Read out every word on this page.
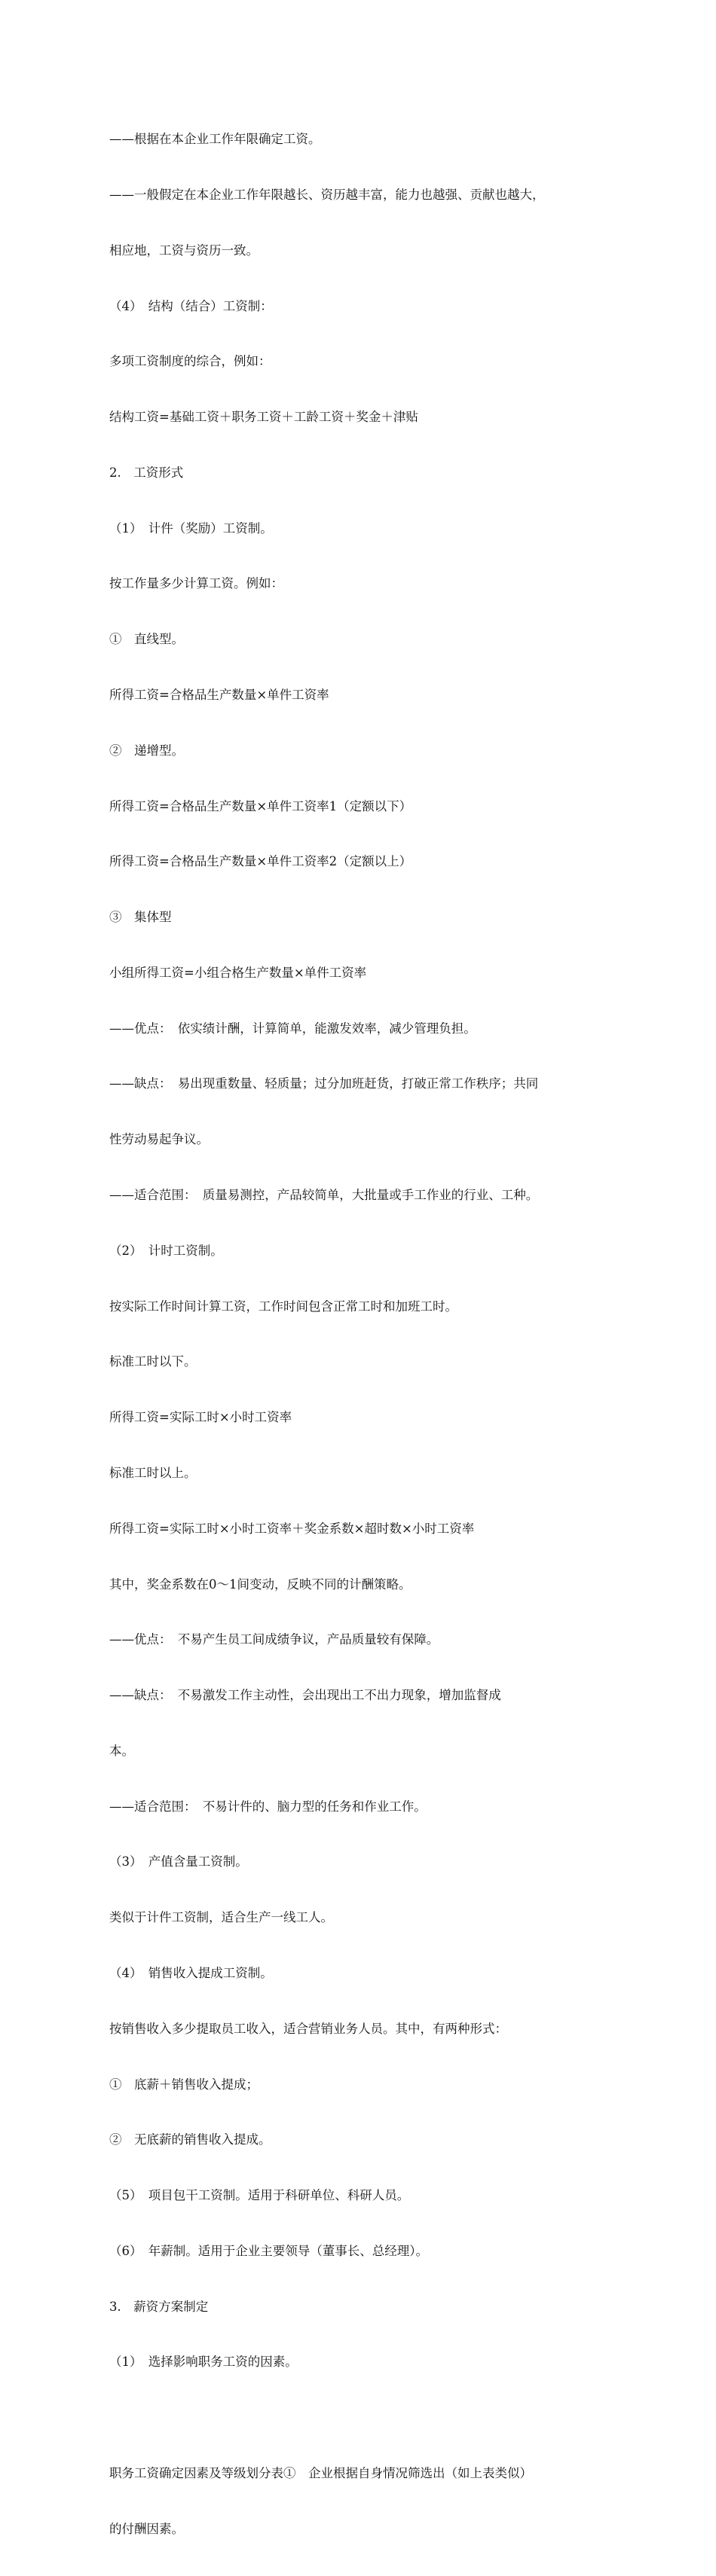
——根据在本企业工作年限确定工资。

——一般假定在本企业工作年限越长、资历越丰富，能力也越强、贡献也越大，

相应地，工资与资历一致。

（4）　结构（结合）工资制：

多项工资制度的综合，例如：

结构工资=基础工资＋职务工资＋工龄工资＋奖金＋津贴

2.　工资形式

（1）　计件（奖励）工资制。

按工作量多少计算工资。例如：

①　直线型。

所得工资=合格品生产数量×单件工资率

②　递增型。

所得工资=合格品生产数量×单件工资率1（定额以下）

所得工资=合格品生产数量×单件工资率2（定额以上）

③　集体型

小组所得工资=小组合格生产数量×单件工资率

——优点：　依实绩计酬，计算简单，能激发效率，减少管理负担。

——缺点：　易出现重数量、轻质量；过分加班赶货，打破正常工作秩序；共同

性劳动易起争议。

——适合范围：　质量易测控，产品较简单，大批量或手工作业的行业、工种。

（2）　计时工资制。

按实际工作时间计算工资，工作时间包含正常工时和加班工时。

标准工时以下。

所得工资=实际工时×小时工资率

标准工时以上。

所得工资=实际工时×小时工资率＋奖金系数×超时数×小时工资率

其中，奖金系数在0～1间变动，反映不同的计酬策略。

——优点：　不易产生员工间成绩争议，产品质量较有保障。

——缺点：　不易激发工作主动性，会出现出工不出力现象，增加监督成

本。

——适合范围：　不易计件的、脑力型的任务和作业工作。

（3）　产值含量工资制。

类似于计件工资制，适合生产一线工人。

（4）　销售收入提成工资制。

按销售收入多少提取员工收入，适合营销业务人员。其中，有两种形式：

①　底薪＋销售收入提成；

②　无底薪的销售收入提成。

（5）　项目包干工资制。适用于科研单位、科研人员。

（6）　年薪制。适用于企业主要领导（董事长、总经理）。

3.　薪资方案制定

（1）　选择影响职务工资的因素。

职务工资确定因素及等级划分表①　企业根据自身情况筛选出（如上表类似）

的付酬因素。
